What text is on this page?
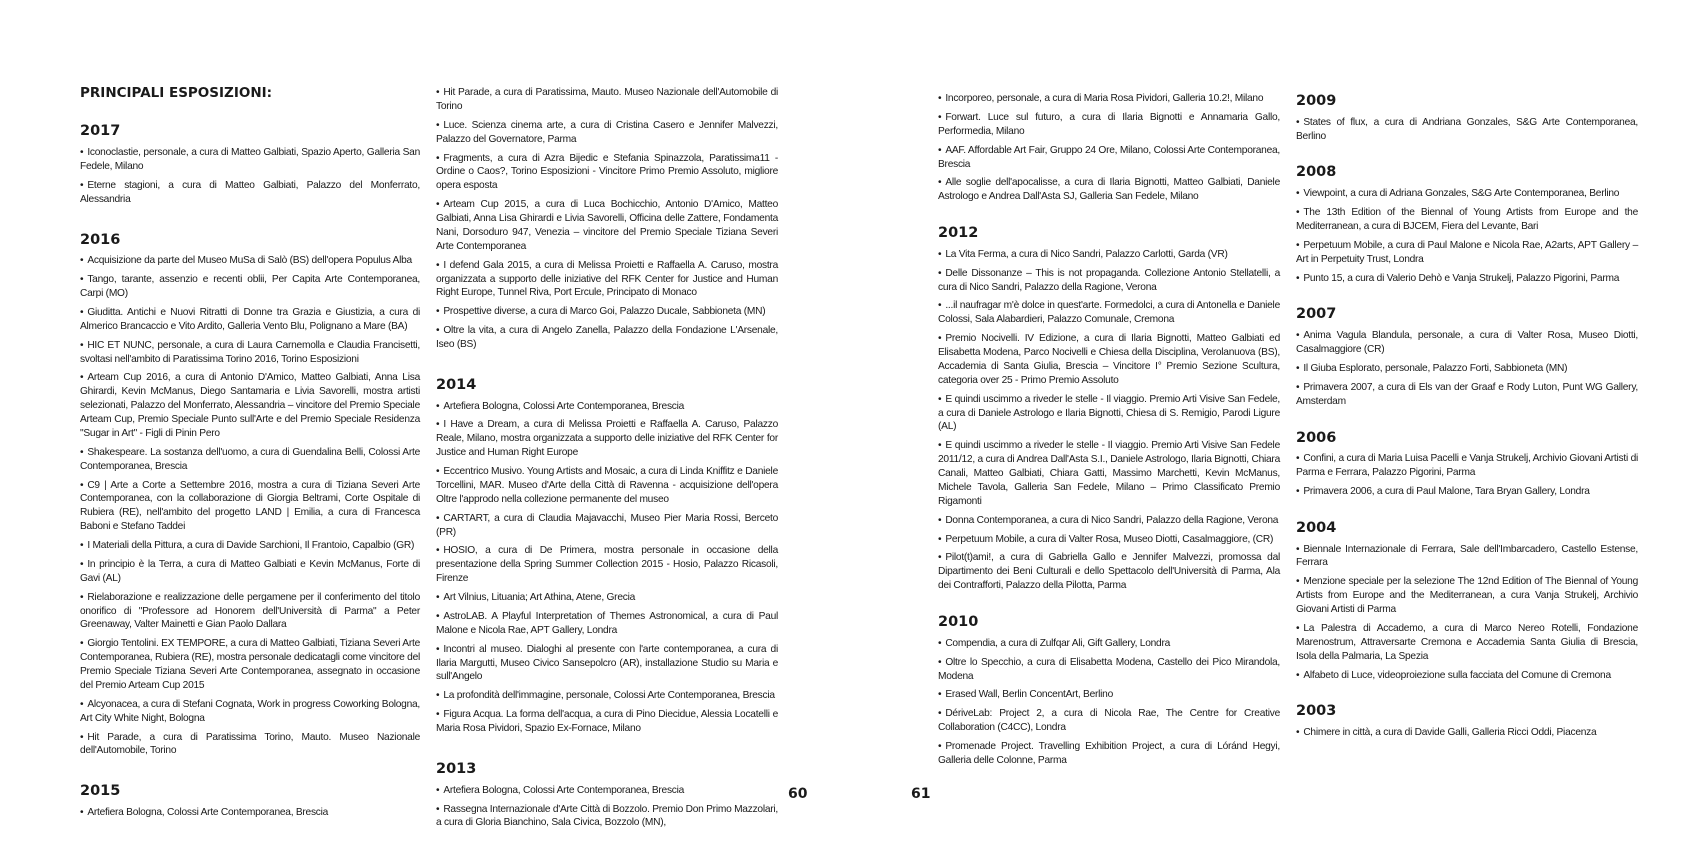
PRINCIPALI ESPOSIZIONI:
2017
• Iconoclastie, personale, a cura di Matteo Galbiati, Spazio Aperto, Galleria San Fedele, Milano
• Eterne stagioni, a cura di Matteo Galbiati, Palazzo del Monferrato, Alessandria
2016
• Acquisizione da parte del Museo MuSa di Salò (BS) dell'opera Populus Alba
• Tango, tarante, assenzio e recenti oblii, Per Capita Arte Contemporanea, Carpi (MO)
• Giuditta. Antichi e Nuovi Ritratti di Donne tra Grazia e Giustizia, a cura di Almerico Brancaccio e Vito Ardito, Galleria Vento Blu, Polignano a Mare (BA)
• HIC ET NUNC, personale, a cura di Laura Carnemolla e Claudia Francisetti, svoltasi nell'ambito di Paratissima Torino 2016, Torino Esposizioni
• Arteam Cup 2016, a cura di Antonio D'Amico, Matteo Galbiati, Anna Lisa Ghirardi, Kevin McManus, Diego Santamaria e Livia Savorelli, mostra artisti selezionati, Palazzo del Monferrato, Alessandria – vincitore del Premio Speciale Arteam Cup, Premio Speciale Punto sull'Arte e del Premio Speciale Residenza "Sugar in Art" - Figli di Pinin Pero
• Shakespeare. La sostanza dell'uomo, a cura di Guendalina Belli, Colossi Arte Contemporanea, Brescia
• C9 | Arte a Corte a Settembre 2016, mostra a cura di Tiziana Severi Arte Contemporanea, con la collaborazione di Giorgia Beltrami, Corte Ospitale di Rubiera (RE), nell'ambito del progetto LAND | Emilia, a cura di Francesca Baboni e Stefano Taddei
• I Materiali della Pittura, a cura di Davide Sarchioni, Il Frantoio, Capalbio (GR)
• In principio è la Terra, a cura di Matteo Galbiati e Kevin McManus, Forte di Gavi (AL)
• Rielaborazione e realizzazione delle pergamene per il conferimento del titolo onorifico di "Professore ad Honorem dell'Università di Parma" a Peter Greenaway, Valter Mainetti e Gian Paolo Dallara
• Giorgio Tentolini. EX TEMPORE, a cura di Matteo Galbiati, Tiziana Severi Arte Contemporanea, Rubiera (RE), mostra personale dedicatagli come vincitore del Premio Speciale Tiziana Severi Arte Contemporanea, assegnato in occasione del Premio Arteam Cup 2015
• Alcyonacea, a cura di Stefani Cognata, Work in progress Coworking Bologna, Art City White Night, Bologna
• Hit Parade, a cura di Paratissima Torino, Mauto. Museo Nazionale dell'Automobile, Torino
2015
• Artefiera Bologna, Colossi Arte Contemporanea, Brescia
• Hit Parade, a cura di Paratissima, Mauto. Museo Nazionale dell'Automobile di Torino
• Luce. Scienza cinema arte, a cura di Cristina Casero e Jennifer Malvezzi, Palazzo del Governatore, Parma
• Fragments, a cura di Azra Bijedic e Stefania Spinazzola, Paratissima11 - Ordine o Caos?, Torino Esposizioni - Vincitore Primo Premio Assoluto, migliore opera esposta
• Arteam Cup 2015, a cura di Luca Bochicchio, Antonio D'Amico, Matteo Galbiati, Anna Lisa Ghirardi e Livia Savorelli, Officina delle Zattere, Fondamenta Nani, Dorsoduro 947, Venezia – vincitore del Premio Speciale Tiziana Severi Arte Contemporanea
• I defend Gala 2015, a cura di Melissa Proietti e Raffaella A. Caruso, mostra organizzata a supporto delle iniziative del RFK Center for Justice and Human Right Europe, Tunnel Riva, Port Ercule, Principato di Monaco
• Prospettive diverse, a cura di Marco Goi, Palazzo Ducale, Sabbioneta (MN)
• Oltre la vita, a cura di Angelo Zanella, Palazzo della Fondazione L'Arsenale, Iseo (BS)
2014
• Artefiera Bologna, Colossi Arte Contemporanea, Brescia
• I Have a Dream, a cura di Melissa Proietti e Raffaella A. Caruso, Palazzo Reale, Milano, mostra organizzata a supporto delle iniziative del RFK Center for Justice and Human Right Europe
• Eccentrico Musivo. Young Artists and Mosaic, a cura di Linda Kniffitz e Daniele Torcellini, MAR. Museo d'Arte della Città di Ravenna - acquisizione dell'opera Oltre l'approdo nella collezione permanente del museo
• CARTART, a cura di Claudia Majavacchi, Museo Pier Maria Rossi, Berceto (PR)
• HOSIO, a cura di De Primera, mostra personale in occasione della presentazione della Spring Summer Collection 2015 - Hosio, Palazzo Ricasoli, Firenze
• Art Vilnius, Lituania; Art Athina, Atene, Grecia
• AstroLAB. A Playful Interpretation of Themes Astronomical, a cura di Paul Malone e Nicola Rae, APT Gallery, Londra
• Incontri al museo. Dialoghi al presente con l'arte contemporanea, a cura di Ilaria Margutti, Museo Civico Sansepolcro (AR), installazione Studio su Maria e sull'Angelo
• La profondità dell'immagine, personale, Colossi Arte Contemporanea, Brescia
• Figura Acqua. La forma dell'acqua, a cura di Pino Diecidue, Alessia Locatelli e Maria Rosa Pividori, Spazio Ex-Fornace, Milano
2013
• Artefiera Bologna, Colossi Arte Contemporanea, Brescia
• Rassegna Internazionale d'Arte Città di Bozzolo. Premio Don Primo Mazzolari, a cura di Gloria Bianchino, Sala Civica, Bozzolo (MN),
• Incorporeo, personale, a cura di Maria Rosa Pividori, Galleria 10.2!, Milano
• Forwart. Luce sul futuro, a cura di Ilaria Bignotti e Annamaria Gallo, Performedia, Milano
• AAF. Affordable Art Fair, Gruppo 24 Ore, Milano, Colossi Arte Contemporanea, Brescia
• Alle soglie dell'apocalisse, a cura di Ilaria Bignotti, Matteo Galbiati, Daniele Astrologo e Andrea Dall'Asta SJ, Galleria San Fedele, Milano
2012
• La Vita Ferma, a cura di Nico Sandri, Palazzo Carlotti, Garda (VR)
• Delle Dissonanze – This is not propaganda. Collezione Antonio Stellatelli, a cura di Nico Sandri, Palazzo della Ragione, Verona
• ...il naufragar m'è dolce in quest'arte. Formedolci, a cura di Antonella e Daniele Colossi, Sala Alabardieri, Palazzo Comunale, Cremona
• Premio Nocivelli. IV Edizione, a cura di Ilaria Bignotti, Matteo Galbiati ed Elisabetta Modena, Parco Nocivelli e Chiesa della Disciplina, Verolanuova (BS), Accademia di Santa Giulia, Brescia – Vincitore I° Premio Sezione Scultura, categoria over 25 - Primo Premio Assoluto
• E quindi uscimmo a riveder le stelle - Il viaggio. Premio Arti Visive San Fedele, a cura di Daniele Astrologo e Ilaria Bignotti, Chiesa di S. Remigio, Parodi Ligure (AL)
• E quindi uscimmo a riveder le stelle - Il viaggio. Premio Arti Visive San Fedele 2011/12, a cura di Andrea Dall'Asta S.I., Daniele Astrologo, Ilaria Bignotti, Chiara Canali, Matteo Galbiati, Chiara Gatti, Massimo Marchetti, Kevin McManus, Michele Tavola, Galleria San Fedele, Milano – Primo Classificato Premio Rigamonti
• Donna Contemporanea, a cura di Nico Sandri, Palazzo della Ragione, Verona
• Perpetuum Mobile, a cura di Valter Rosa, Museo Diotti, Casalmaggiore, (CR)
• Pilot(t)ami!, a cura di Gabriella Gallo e Jennifer Malvezzi, promossa dal Dipartimento dei Beni Culturali e dello Spettacolo dell'Università di Parma, Ala dei Contrafforti, Palazzo della Pilotta, Parma
2010
• Compendia, a cura di Zulfqar Ali, Gift Gallery, Londra
• Oltre lo Specchio, a cura di Elisabetta Modena, Castello dei Pico Mirandola, Modena
• Erased Wall, Berlin ConcentArt, Berlino
• DériveLab: Project 2, a cura di Nicola Rae, The Centre for Creative Collaboration (C4CC), Londra
• Promenade Project. Travelling Exhibition Project, a cura di Lóránd Hegyi, Galleria delle Colonne, Parma
2009
• States of flux, a cura di Andriana Gonzales, S&G Arte Contemporanea, Berlino
2008
• Viewpoint, a cura di Adriana Gonzales, S&G Arte Contemporanea, Berlino
• The 13th Edition of the Biennal of Young Artists from Europe and the Mediterranean, a cura di BJCEM, Fiera del Levante, Bari
• Perpetuum Mobile, a cura di Paul Malone e Nicola Rae, A2arts, APT Gallery – Art in Perpetuity Trust, Londra
• Punto 15, a cura di Valerio Dehò e Vanja Strukelj, Palazzo Pigorini, Parma
2007
• Anima Vagula Blandula, personale, a cura di Valter Rosa, Museo Diotti, Casalmaggiore (CR)
• Il Giuba Esplorato, personale, Palazzo Forti, Sabbioneta (MN)
• Primavera 2007, a cura di Els van der Graaf e Rody Luton, Punt WG Gallery, Amsterdam
2006
• Confini, a cura di Maria Luisa Pacelli e Vanja Strukelj, Archivio Giovani Artisti di Parma e Ferrara, Palazzo Pigorini, Parma
• Primavera 2006, a cura di Paul Malone, Tara Bryan Gallery, Londra
2004
• Biennale Internazionale di Ferrara, Sale dell'Imbarcadero, Castello Estense, Ferrara
• Menzione speciale per la selezione The 12nd Edition of The Biennal of Young Artists from Europe and the Mediterranean, a cura Vanja Strukelj, Archivio Giovani Artisti di Parma
• La Palestra di Accademo, a cura di Marco Nereo Rotelli, Fondazione Marenostrum, Attraversarte Cremona e Accademia Santa Giulia di Brescia, Isola della Palmaria, La Spezia
• Alfabeto di Luce, videoproiezione sulla facciata del Comune di Cremona
2003
• Chimere in città, a cura di Davide Galli, Galleria Ricci Oddi, Piacenza
60	61
